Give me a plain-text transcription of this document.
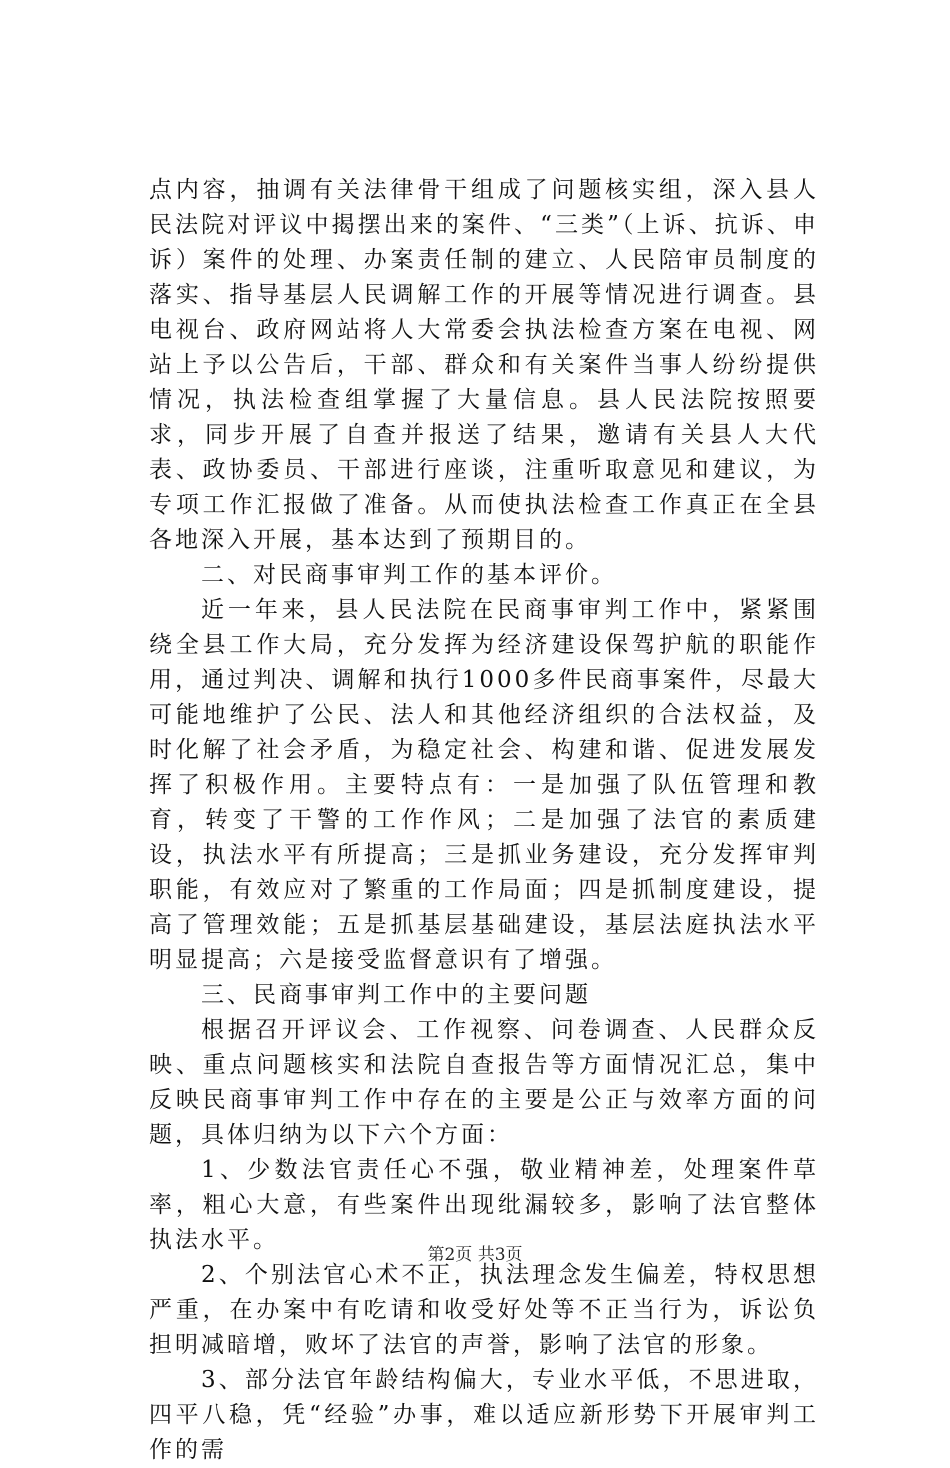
点内容，抽调有关法律骨干组成了问题核实组，深入县人民法院对评议中揭摆出来的案件、“三类”（上诉、抗诉、申诉）案件的处理、办案责任制的建立、人民陪审员制度的落实、指导基层人民调解工作的开展等情况进行调查。县电视台、政府网站将人大常委会执法检查方案在电视、网站上予以公告后，干部、群众和有关案件当事人纷纷提供情况，执法检查组掌握了大量信息。县人民法院按照要求，同步开展了自查并报送了结果，邀请有关县人大代表、政协委员、干部进行座谈，注重听取意见和建议，为专项工作汇报做了准备。从而使执法检查工作真正在全县各地深入开展，基本达到了预期目的。

二、对民商事审判工作的基本评价。

近一年来，县人民法院在民商事审判工作中，紧紧围绕全县工作大局，充分发挥为经济建设保驾护航的职能作用，通过判决、调解和执行1000多件民商事案件，尽最大可能地维护了公民、法人和其他经济组织的合法权益，及时化解了社会矛盾，为稳定社会、构建和谐、促进发展发挥了积极作用。主要特点有：一是加强了队伍管理和教育，转变了干警的工作作风；二是加强了法官的素质建设，执法水平有所提高；三是抓业务建设，充分发挥审判职能，有效应对了繁重的工作局面；四是抓制度建设，提高了管理效能；五是抓基层基础建设，基层法庭执法水平明显提高；六是接受监督意识有了增强。

三、民商事审判工作中的主要问题

根据召开评议会、工作视察、问卷调查、人民群众反映、重点问题核实和法院自查报告等方面情况汇总，集中反映民商事审判工作中存在的主要是公正与效率方面的问题，具体归纳为以下六个方面：

1、少数法官责任心不强，敬业精神差，处理案件草率，粗心大意，有些案件出现纰漏较多，影响了法官整体执法水平。

2、个别法官心术不正，执法理念发生偏差，特权思想严重，在办案中有吃请和收受好处等不正当行为，诉讼负担明减暗增，败坏了法官的声誉，影响了法官的形象。

3、部分法官年龄结构偏大，专业水平低，不思进取，四平八稳，凭“经验”办事，难以适应新形势下开展审判工作的需

第2页 共3页
